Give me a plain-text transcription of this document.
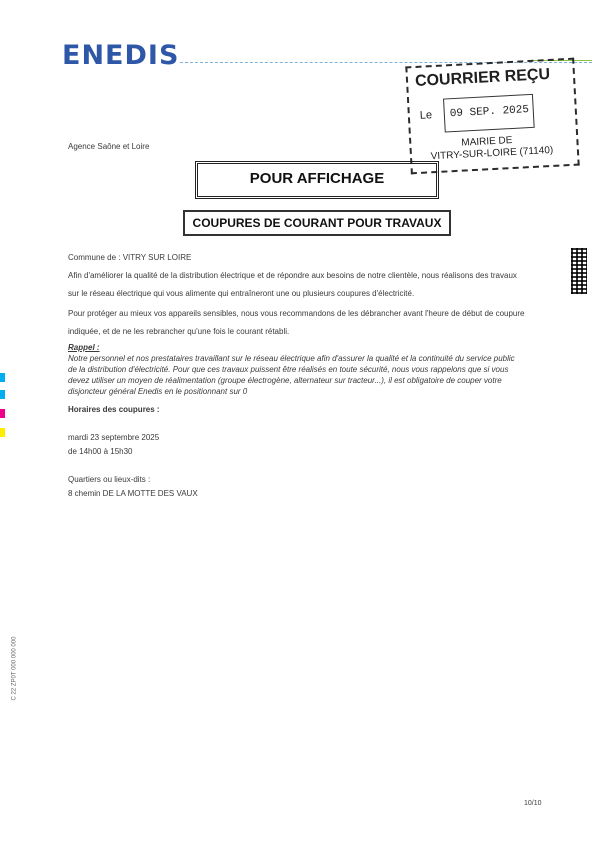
ENEDIS
COURRIER REÇU
Le 09 SEP. 2025
MAIRIE DE
VITRY-SUR-LOIRE (71140)
Agence Saône et Loire
POUR AFFICHAGE
COUPURES DE COURANT POUR TRAVAUX
Commune de : VITRY SUR LOIRE
Afin d'améliorer la qualité de la distribution électrique et de répondre aux besoins de notre clientèle, nous réalisons des travaux
sur le réseau électrique qui vous alimente qui entraîneront une ou plusieurs coupures d'électricité.
Pour protéger au mieux vos appareils sensibles, nous vous recommandons de les débrancher avant l'heure de début de coupure
indiquée, et de ne les rebrancher qu'une fois le courant rétabli.
Rappel :
Notre personnel et nos prestataires travaillant sur le réseau électrique afin d'assurer la qualité et la continuité du service public
de la distribution d'électricité. Pour que ces travaux puissent être réalisés en toute sécurité, nous vous rappelons que si vous
devez utiliser un moyen de réalimentation (groupe électrogène, alternateur sur tracteur...), il est obligatoire de couper votre
disjoncteur général Enedis en le positionnant sur 0
Horaires des coupures :
mardi 23 septembre 2025
de 14h00 à 15h30
Quartiers ou lieux-dits :
8 chemin DE LA MOTTE DES VAUX
C 22 ZP0T 000 000 000
10/10
